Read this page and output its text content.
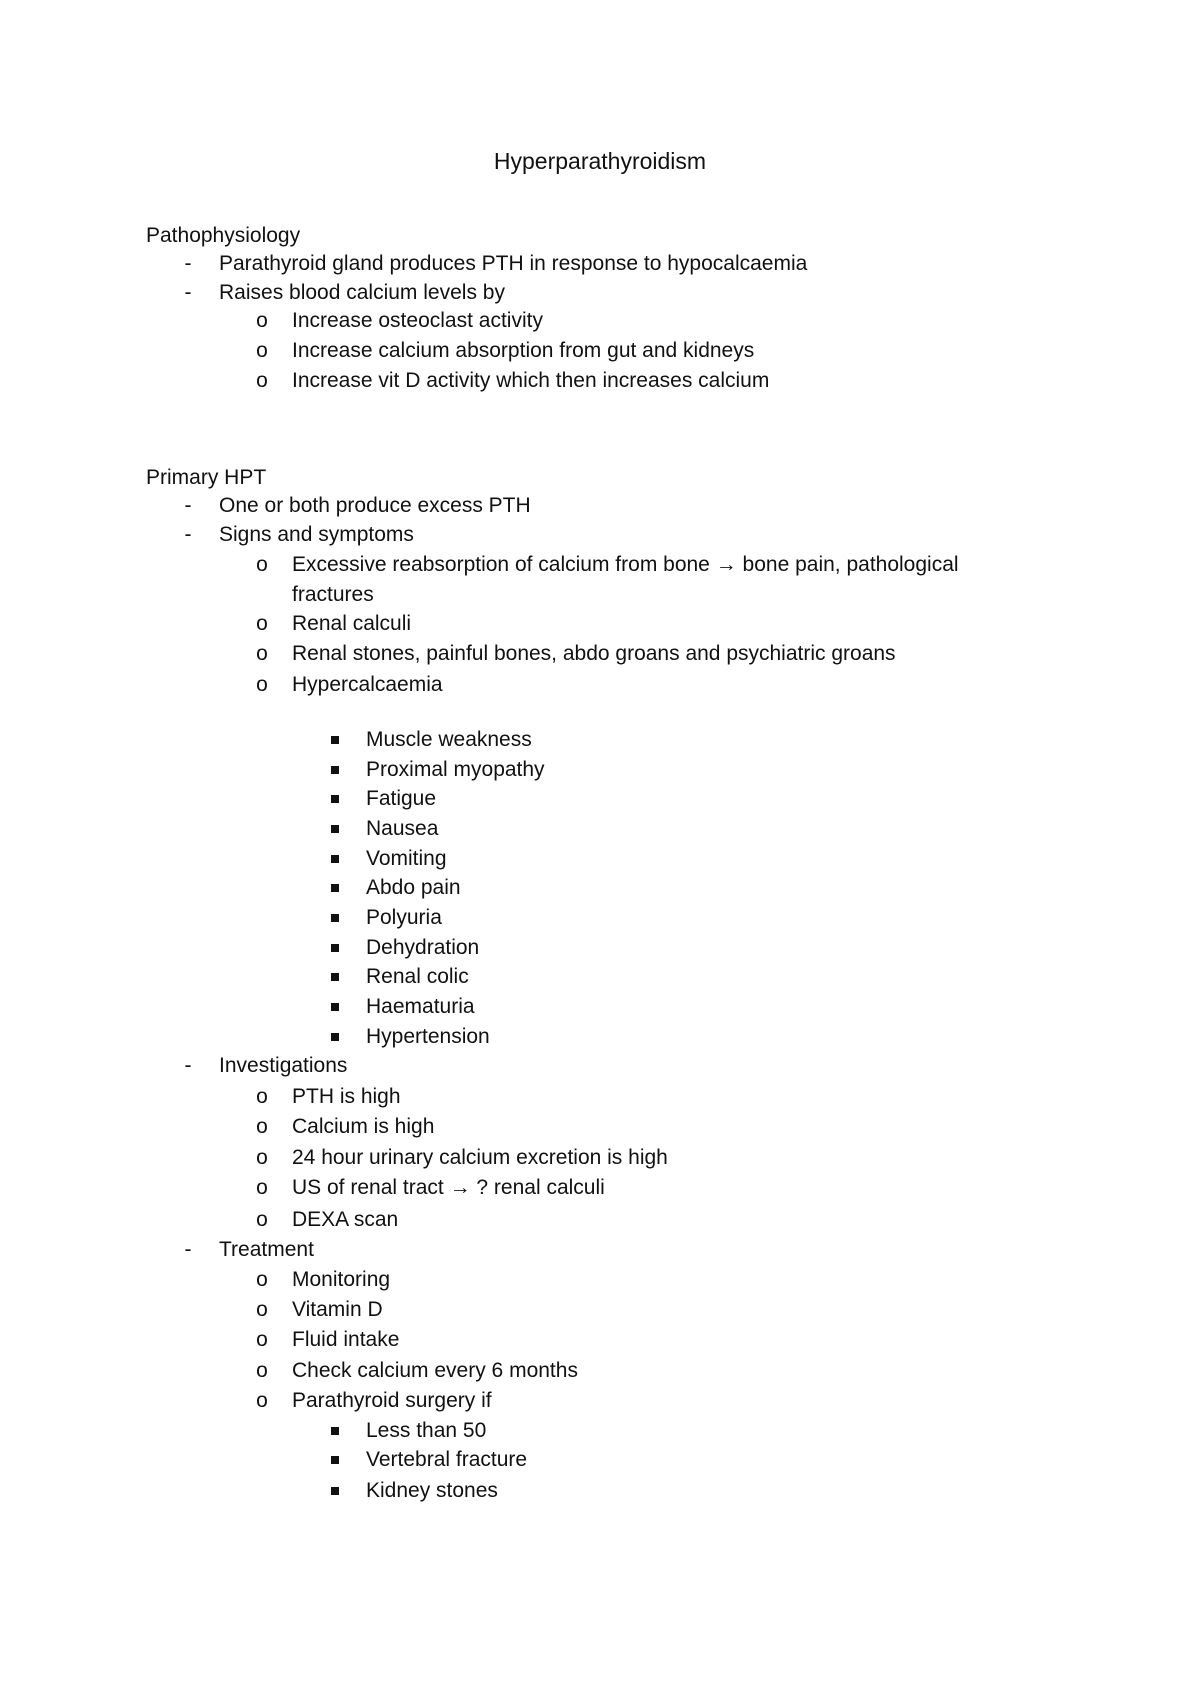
Hyperparathyroidism
Pathophysiology
-	Parathyroid gland produces PTH in response to hypocalcaemia
-	Raises blood calcium levels by
o Increase osteoclast activity
o Increase calcium absorption from gut and kidneys
o Increase vit D activity which then increases calcium
Primary HPT
-	One or both produce excess PTH
-	Signs and symptoms
o Excessive reabsorption of calcium from bone → bone pain, pathological
fractures
o Renal calculi
o Renal stones, painful bones, abdo groans and psychiatric groans
o Hypercalcaemia
Muscle weakness
Proximal myopathy
Fatigue
Nausea
Vomiting
Abdo pain
Polyuria
Dehydration
Renal colic
Haematuria
Hypertension
-	Investigations
o PTH is high
o Calcium is high
o 24 hour urinary calcium excretion is high
o US of renal tract → ? renal calculi
o DEXA scan
-	Treatment
o Monitoring
o Vitamin D
o Fluid intake
o Check calcium every 6 months
o Parathyroid surgery if
Less than 50
Vertebral fracture
Kidney stones
